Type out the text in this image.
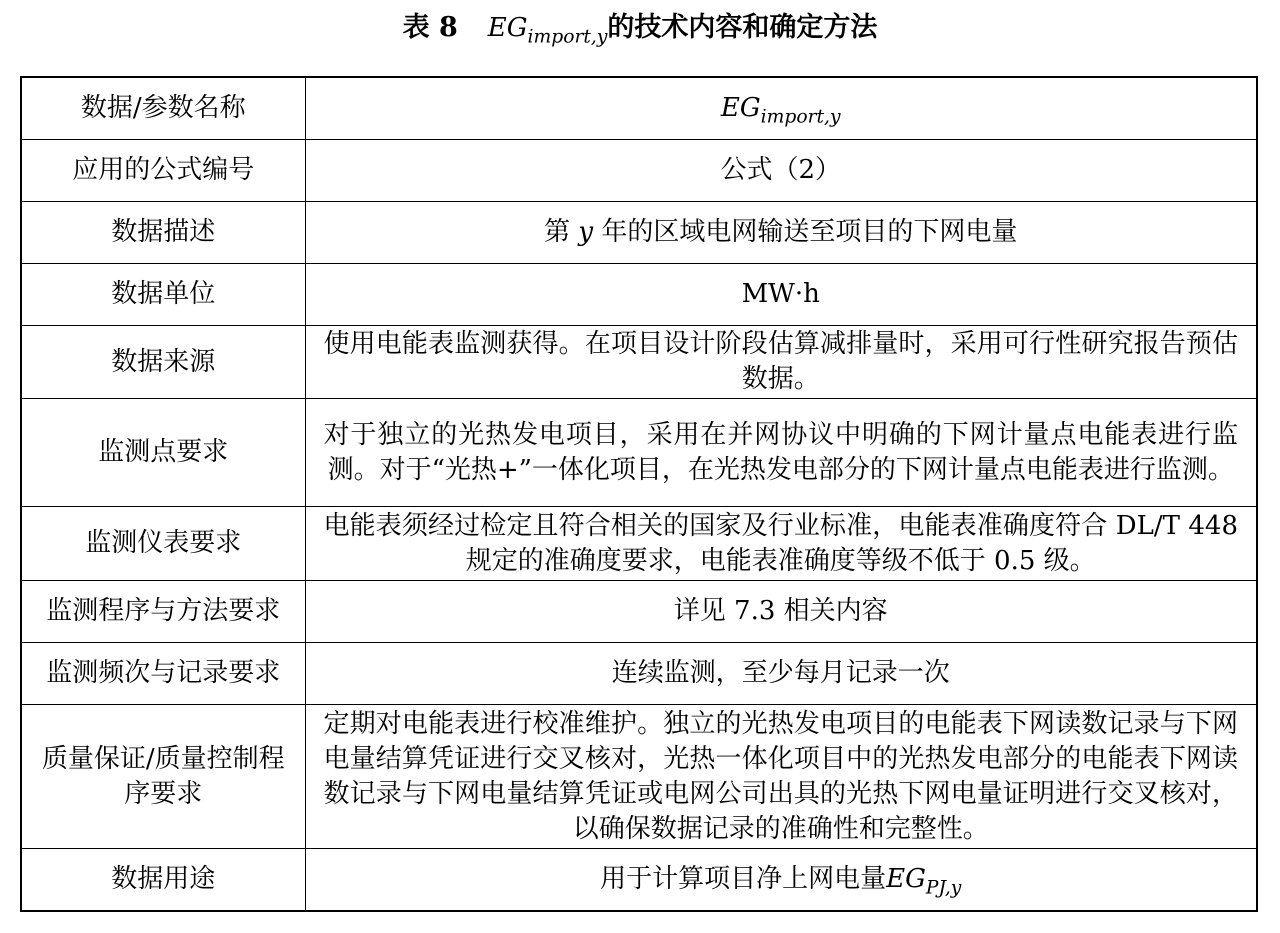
表 8 $EG_{import,y}$的技术内容和确定方法
数据/参数名称	$EG_{import,y}$
应用的公式编号	公式（2）
数据描述	第 y 年的区域电网输送至项目的下网电量
数据单位	MW·h
数据来源	使用电能表监测获得。在项目设计阶段估算减排量时，采用可行性研究报告预估数据。
监测点要求	对于独立的光热发电项目，采用在并网协议中明确的下网计量点电能表进行监测。对于“光热+”一体化项目，在光热发电部分的下网计量点电能表进行监测。
监测仪表要求	电能表须经过检定且符合相关的国家及行业标准，电能表准确度符合 DL/T 448 规定的准确度要求，电能表准确度等级不低于 0.5 级。
监测程序与方法要求	详见 7.3 相关内容
监测频次与记录要求	连续监测，至少每月记录一次
质量保证/质量控制程序要求	定期对电能表进行校准维护。独立的光热发电项目的电能表下网读数记录与下网电量结算凭证进行交叉核对，光热一体化项目中的光热发电部分的电能表下网读数记录与下网电量结算凭证或电网公司出具的光热下网电量证明进行交叉核对，以确保数据记录的准确性和完整性。
数据用途	用于计算项目净上网电量$EG_{PJ,y}$
